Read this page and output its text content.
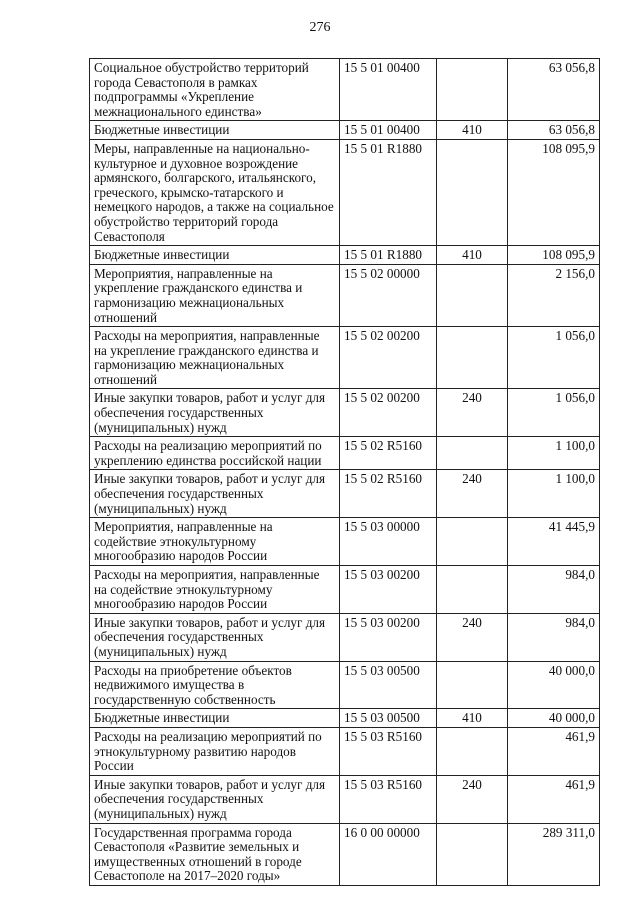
276
Социальное обустройство территорий города Севастополя в рамках подпрограммы «Укрепление межнационального единства»	15 5 01 00400		63 056,8
Бюджетные инвестиции	15 5 01 00400	410	63 056,8
Меры, направленные на национально-культурное и духовное возрождение армянского, болгарского, итальянского, греческого, крымско-татарского и немецкого народов, а также на социальное обустройство территорий города Севастополя	15 5 01 R1880		108 095,9
Бюджетные инвестиции	15 5 01 R1880	410	108 095,9
Мероприятия, направленные на укрепление гражданского единства и гармонизацию межнациональных отношений	15 5 02 00000		2 156,0
Расходы на мероприятия, направленные на укрепление гражданского единства и гармонизацию межнациональных отношений	15 5 02 00200		1 056,0
Иные закупки товаров, работ и услуг для обеспечения государственных (муниципальных) нужд	15 5 02 00200	240	1 056,0
Расходы на реализацию мероприятий по укреплению единства российской нации	15 5 02 R5160		1 100,0
Иные закупки товаров, работ и услуг для обеспечения государственных (муниципальных) нужд	15 5 02 R5160	240	1 100,0
Мероприятия, направленные на содействие этнокультурному многообразию народов России	15 5 03 00000		41 445,9
Расходы на мероприятия, направленные на содействие этнокультурному многообразию народов России	15 5 03 00200		984,0
Иные закупки товаров, работ и услуг для обеспечения государственных (муниципальных) нужд	15 5 03 00200	240	984,0
Расходы на приобретение объектов недвижимого имущества в государственную собственность	15 5 03 00500		40 000,0
Бюджетные инвестиции	15 5 03 00500	410	40 000,0
Расходы на реализацию мероприятий по этнокультурному развитию народов России	15 5 03 R5160		461,9
Иные закупки товаров, работ и услуг для обеспечения государственных (муниципальных) нужд	15 5 03 R5160	240	461,9
Государственная программа города Севастополя «Развитие земельных и имущественных отношений в городе Севастополе на 2017–2020 годы»	16 0 00 00000		289 311,0
